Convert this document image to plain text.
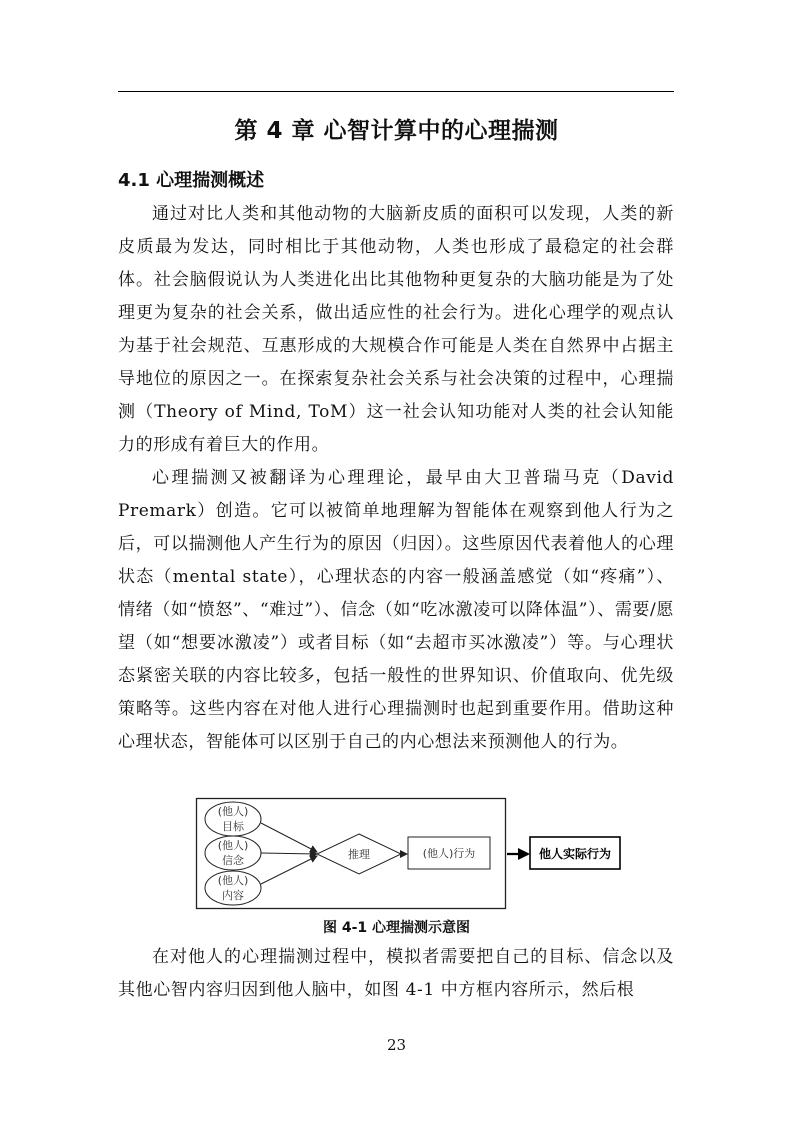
第 4 章 心智计算中的心理揣测
4.1 心理揣测概述

通过对比人类和其他动物的大脑新皮质的面积可以发现，人类的新皮质最为发达，同时相比于其他动物，人类也形成了最稳定的社会群体。社会脑假说认为人类进化出比其他物种更复杂的大脑功能是为了处理更为复杂的社会关系，做出适应性的社会行为。进化心理学的观点认为基于社会规范、互惠形成的大规模合作可能是人类在自然界中占据主导地位的原因之一。在探索复杂社会关系与社会决策的过程中，心理揣测（Theory of Mind, ToM）这一社会认知功能对人类的社会认知能力的形成有着巨大的作用。

心理揣测又被翻译为心理理论，最早由大卫普瑞马克（David Premark）创造。它可以被简单地理解为智能体在观察到他人行为之后，可以揣测他人产生行为的原因（归因）。这些原因代表着他人的心理状态（mental state），心理状态的内容一般涵盖感觉（如“疼痛”）、情绪（如“愤怒”、“难过”）、信念（如“吃冰激凌可以降体温”）、需要/愿望（如“想要冰激凌”）或者目标（如“去超市买冰激凌”）等。与心理状态紧密关联的内容比较多，包括一般性的世界知识、价值取向、优先级策略等。这些内容在对他人进行心理揣测时也起到重要作用。借助这种心理状态，智能体可以区别于自己的内心想法来预测他人的行为。

(他人)
目标
(他人)
信念
(他人)
内容
推理	(他人)行为	他人实际行为
图 4-1 心理揣测示意图

在对他人的心理揣测过程中，模拟者需要把自己的目标、信念以及其他心智内容归因到他人脑中，如图 4-1 中方框内容所示，然后根

23
